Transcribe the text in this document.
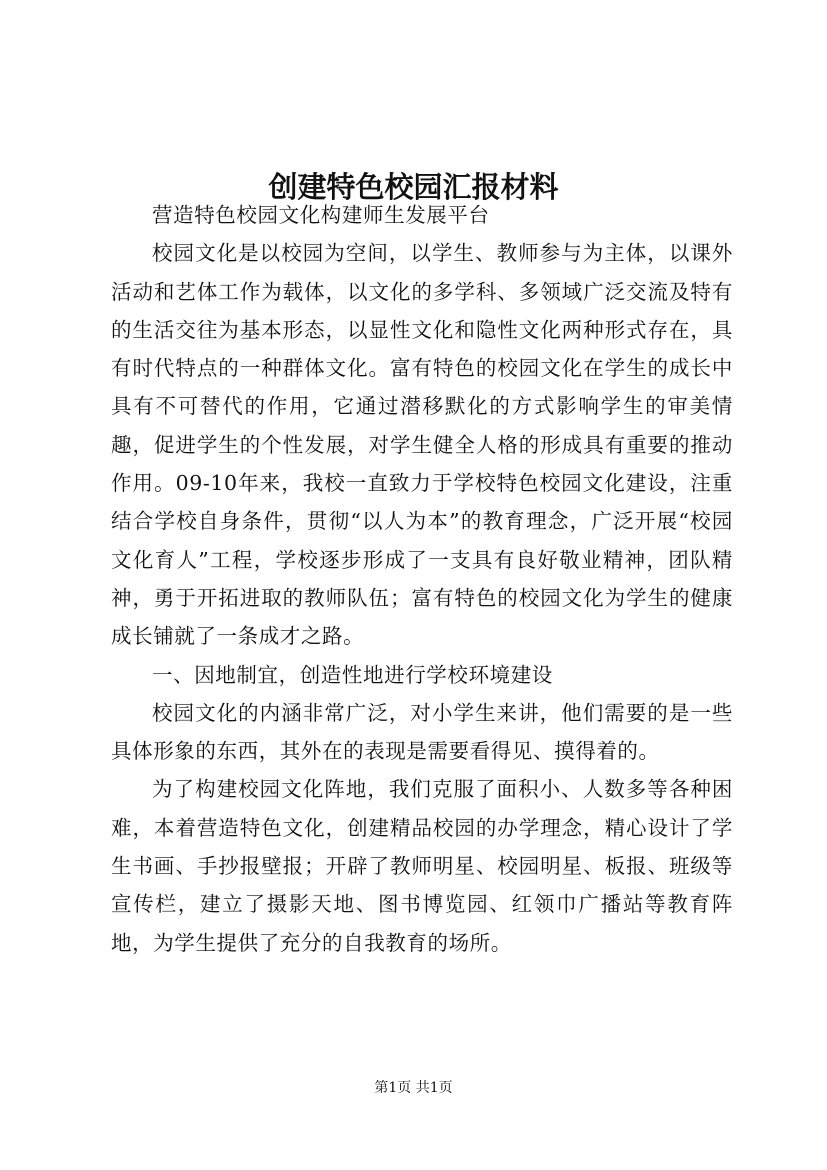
创建特色校园汇报材料

营造特色校园文化构建师生发展平台

校园文化是以校园为空间，以学生、教师参与为主体，以课外活动和艺体工作为载体，以文化的多学科、多领域广泛交流及特有的生活交往为基本形态，以显性文化和隐性文化两种形式存在，具有时代特点的一种群体文化。富有特色的校园文化在学生的成长中具有不可替代的作用，它通过潜移默化的方式影响学生的审美情趣，促进学生的个性发展，对学生健全人格的形成具有重要的推动作用。09-10年来，我校一直致力于学校特色校园文化建设，注重结合学校自身条件，贯彻“以人为本”的教育理念，广泛开展“校园文化育人”工程，学校逐步形成了一支具有良好敬业精神，团队精神，勇于开拓进取的教师队伍；富有特色的校园文化为学生的健康成长铺就了一条成才之路。

一、因地制宜，创造性地进行学校环境建设

校园文化的内涵非常广泛，对小学生来讲，他们需要的是一些具体形象的东西，其外在的表现是需要看得见、摸得着的。

为了构建校园文化阵地，我们克服了面积小、人数多等各种困难，本着营造特色文化，创建精品校园的办学理念，精心设计了学生书画、手抄报壁报；开辟了教师明星、校园明星、板报、班级等宣传栏，建立了摄影天地、图书博览园、红领巾广播站等教育阵地，为学生提供了充分的自我教育的场所。

第1页 共1页
